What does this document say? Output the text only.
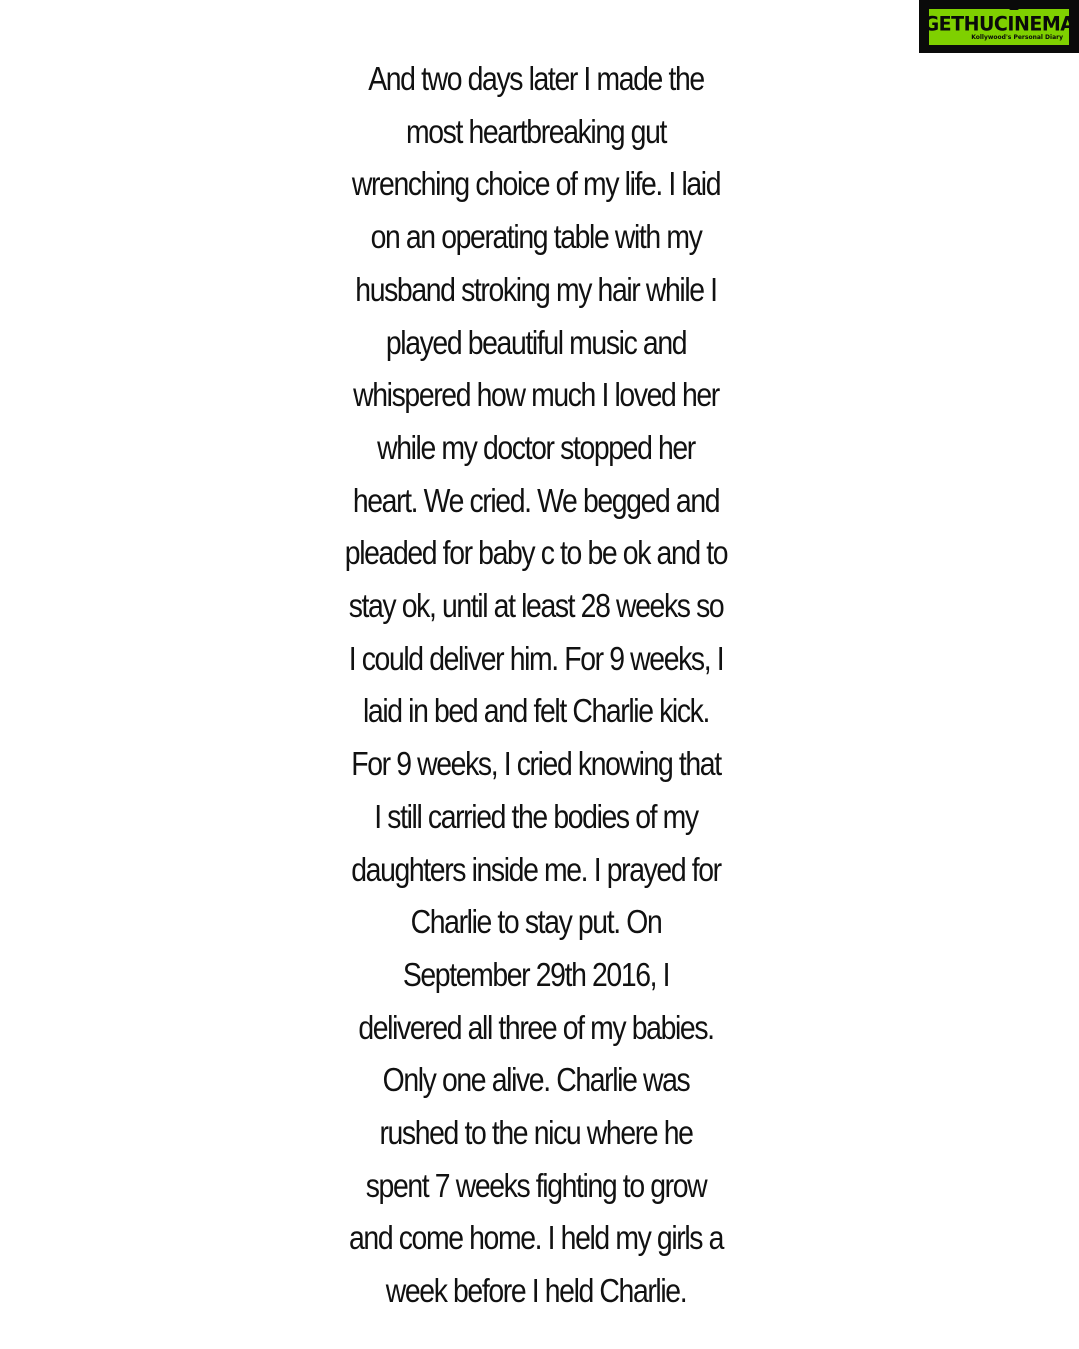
GETHUCINEMA
Kollywood's Personal Diary

And two days later I made the
most heartbreaking gut
wrenching choice of my life. I laid
on an operating table with my
husband stroking my hair while I
played beautiful music and
whispered how much I loved her
while my doctor stopped her
heart. We cried. We begged and
pleaded for baby c to be ok and to
stay ok, until at least 28 weeks so
I could deliver him. For 9 weeks, I
laid in bed and felt Charlie kick.
For 9 weeks, I cried knowing that
I still carried the bodies of my
daughters inside me. I prayed for
Charlie to stay put. On
September 29th 2016, I
delivered all three of my babies.
Only one alive. Charlie was
rushed to the nicu where he
spent 7 weeks fighting to grow
and come home. I held my girls a
week before I held Charlie.
